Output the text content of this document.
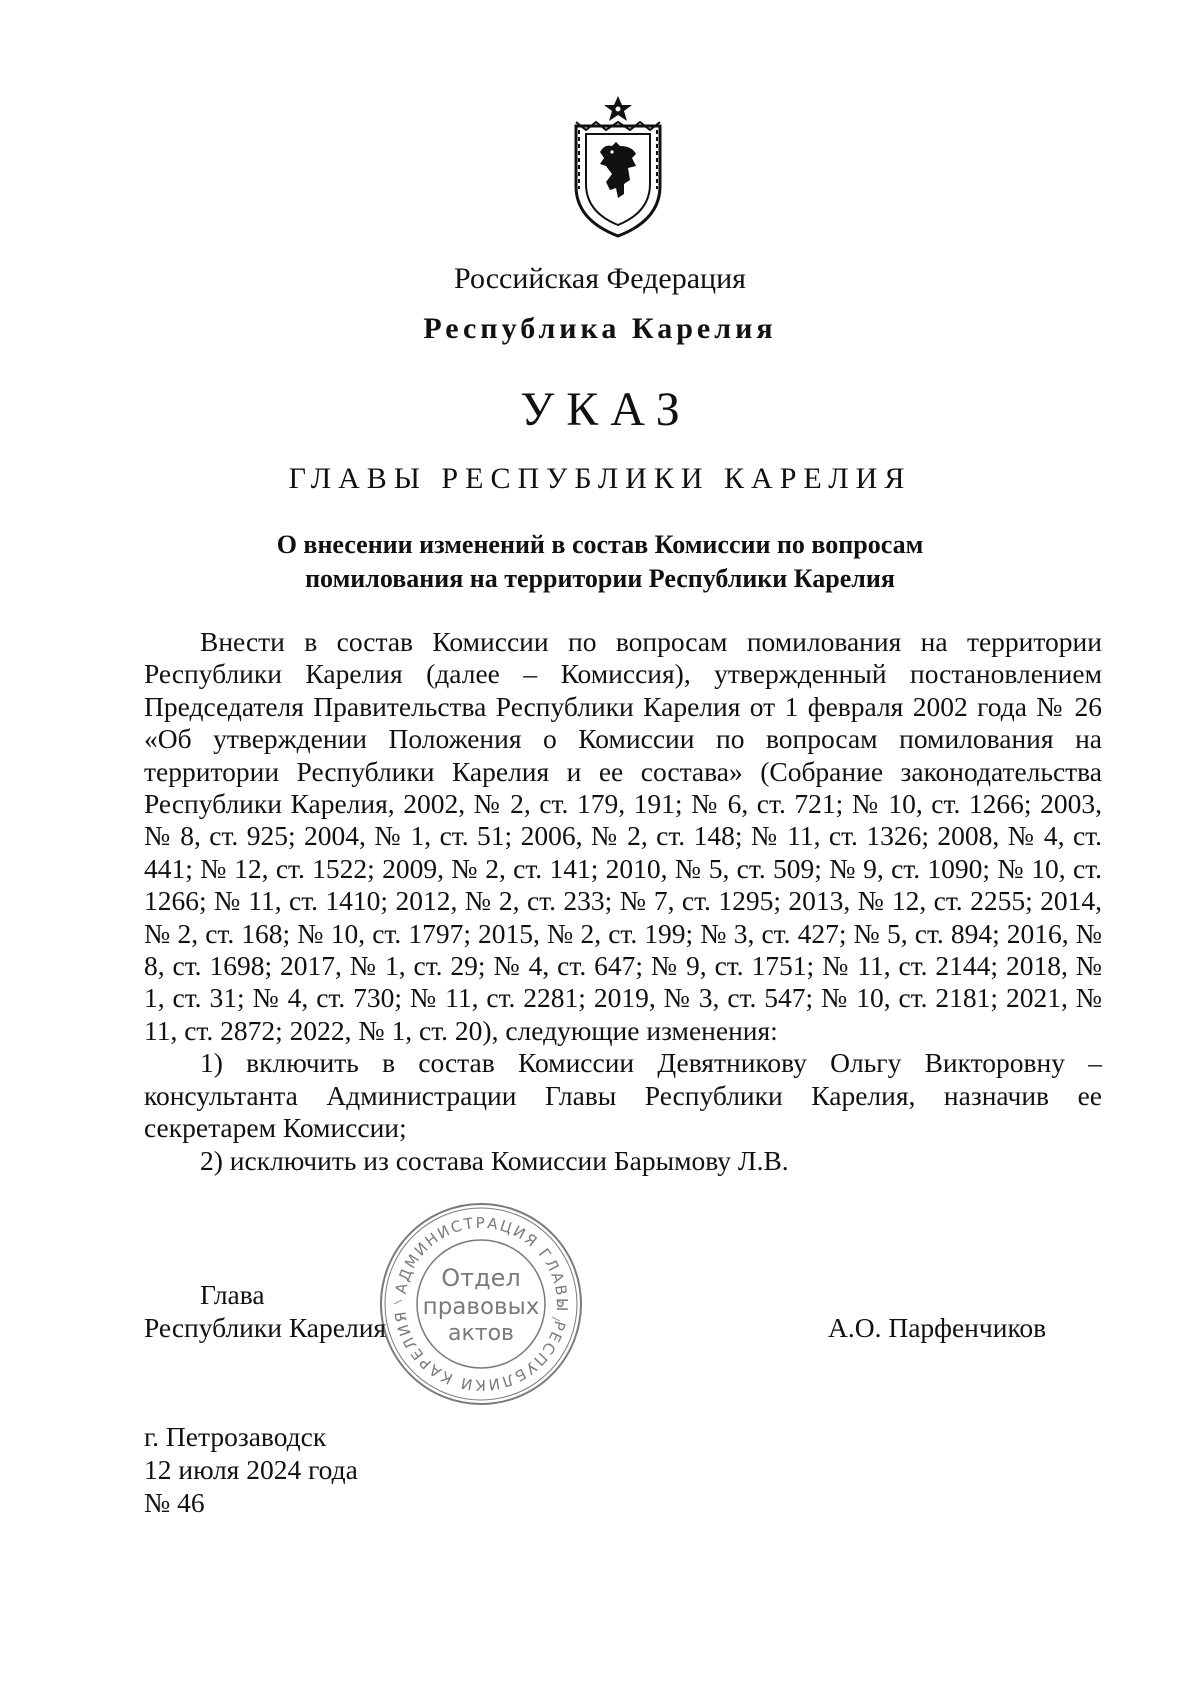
Российская Федерация
Республика Карелия
УКАЗ
ГЛАВЫ РЕСПУБЛИКИ КАРЕЛИЯ
О внесении изменений в состав Комиссии по вопросам
помилования на территории Республики Карелия

Внести в состав Комиссии по вопросам помилования на территории Республики Карелия (далее – Комиссия), утвержденный постановлением Председателя Правительства Республики Карелия от 1 февраля 2002 года № 26 «Об утверждении Положения о Комиссии по вопросам помилования на территории Республики Карелия и ее состава» (Собрание законодательства Республики Карелия, 2002, № 2, ст. 179, 191; № 6, ст. 721; № 10, ст. 1266; 2003, № 8, ст. 925; 2004, № 1, ст. 51; 2006, № 2, ст. 148; № 11, ст. 1326; 2008, № 4, ст. 441; № 12, ст. 1522; 2009, № 2, ст. 141; 2010, № 5, ст. 509; № 9, ст. 1090; № 10, ст. 1266; № 11, ст. 1410; 2012, № 2, ст. 233; № 7, ст. 1295; 2013, № 12, ст. 2255; 2014, № 2, ст. 168; № 10, ст. 1797; 2015, № 2, ст. 199; № 3, ст. 427; № 5, ст. 894; 2016, № 8, ст. 1698; 2017, № 1, ст. 29; № 4, ст. 647; № 9, ст. 1751; № 11, ст. 2144; 2018, № 1, ст. 31; № 4, ст. 730; № 11, ст. 2281; 2019, № 3, ст. 547; № 10, ст. 2181; 2021, № 11, ст. 2872; 2022, № 1, ст. 20), следующие изменения:

1) включить в состав Комиссии Девятникову Ольгу Викторовну – консультанта Администрации Главы Республики Карелия, назначив ее секретарем Комиссии;

2) исключить из состава Комиссии Барымову Л.В.

АДМИНИСТРАЦИЯ ГЛАВЫ РЕСПУБЛИКИ КАРЕЛИЯ
Отдел
правовых
актов
Глава
Республики Карелия	А.О. Парфенчиков
г. Петрозаводск
12 июля 2024 года
№ 46
